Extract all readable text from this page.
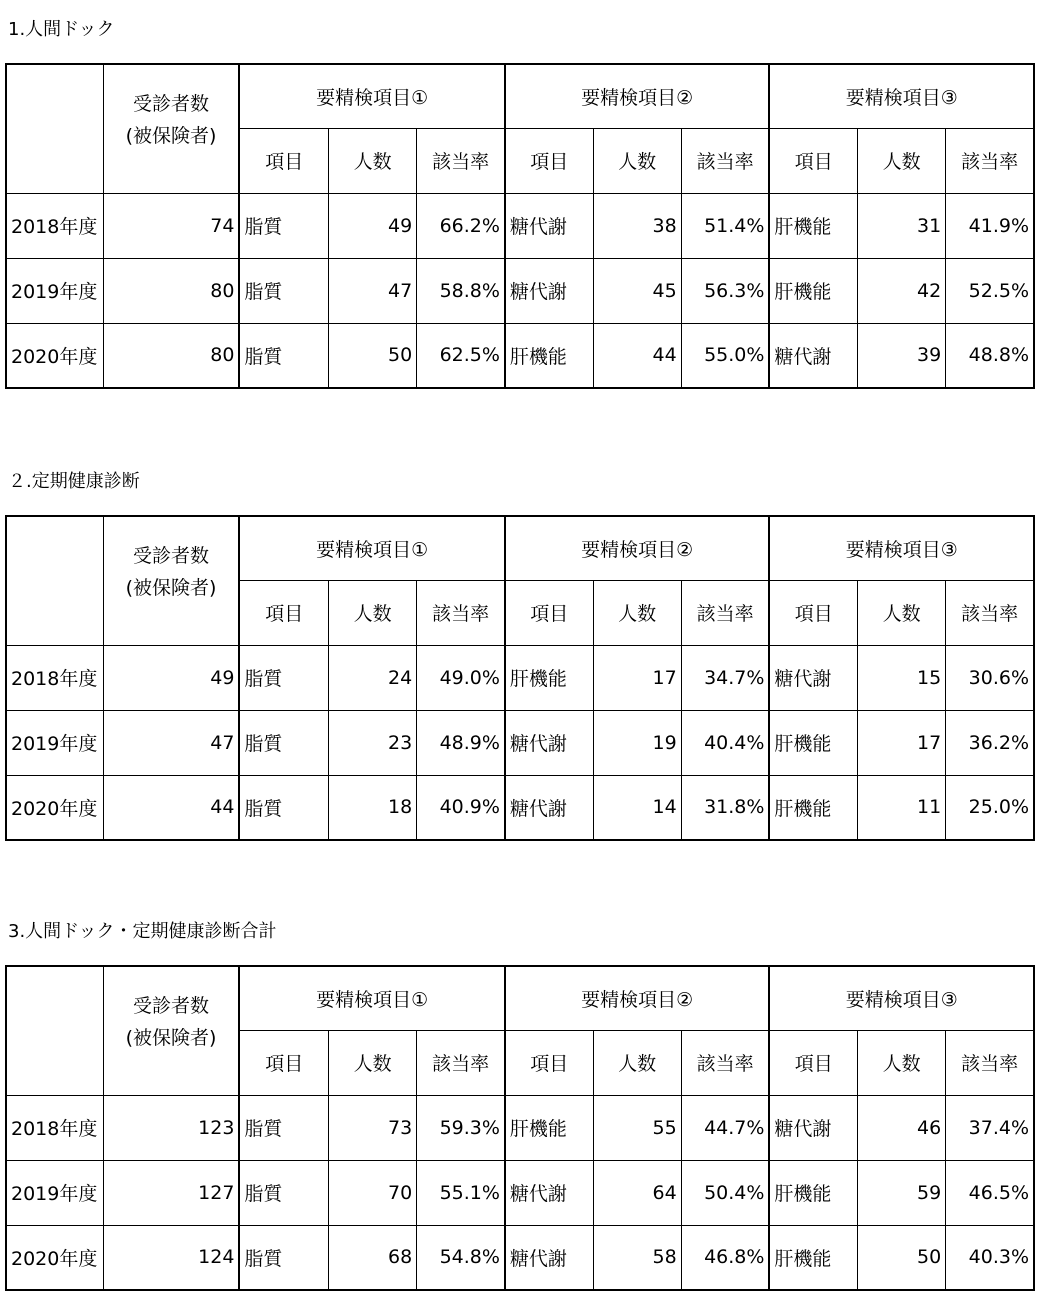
1.人間ドック

	受診者数
(被保険者)	要精検項目①			要精検項目②			要精検項目③		
		項目	人数	該当率	項目	人数	該当率	項目	人数	該当率
2018年度	74	脂質	49	66.2%	糖代謝	38	51.4%	肝機能	31	41.9%
2019年度	80	脂質	47	58.8%	糖代謝	45	56.3%	肝機能	42	52.5%
2020年度	80	脂質	50	62.5%	肝機能	44	55.0%	糖代謝	39	48.8%
２.定期健康診断

	受診者数
(被保険者)	要精検項目①			要精検項目②			要精検項目③		
		項目	人数	該当率	項目	人数	該当率	項目	人数	該当率
2018年度	49	脂質	24	49.0%	肝機能	17	34.7%	糖代謝	15	30.6%
2019年度	47	脂質	23	48.9%	糖代謝	19	40.4%	肝機能	17	36.2%
2020年度	44	脂質	18	40.9%	糖代謝	14	31.8%	肝機能	11	25.0%
3.人間ドック・定期健康診断合計

	受診者数
(被保険者)	要精検項目①			要精検項目②			要精検項目③		
		項目	人数	該当率	項目	人数	該当率	項目	人数	該当率
2018年度	123	脂質	73	59.3%	肝機能	55	44.7%	糖代謝	46	37.4%
2019年度	127	脂質	70	55.1%	糖代謝	64	50.4%	肝機能	59	46.5%
2020年度	124	脂質	68	54.8%	糖代謝	58	46.8%	肝機能	50	40.3%
